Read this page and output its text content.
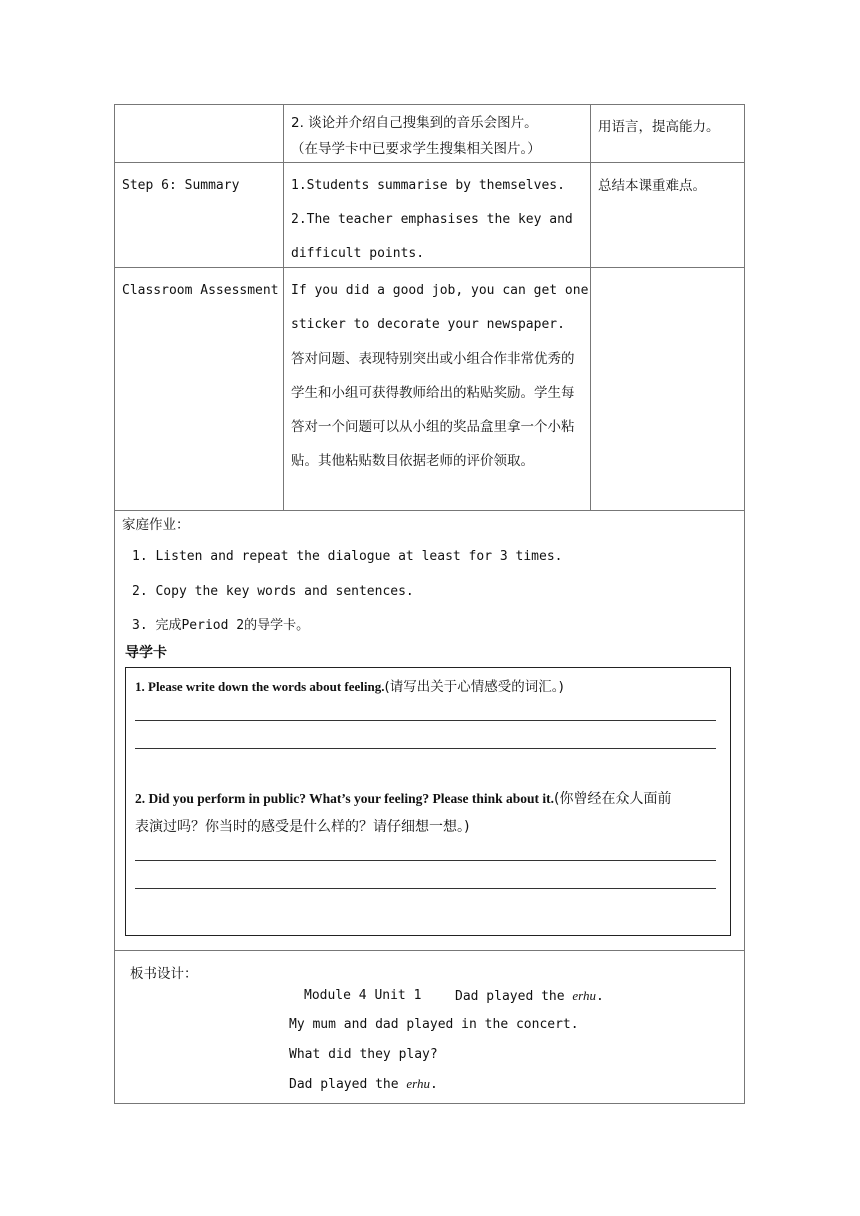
2. 谈论并介绍自己搜集到的音乐会图片。
（在导学卡中已要求学生搜集相关图片。）
用语言，提高能力。
Step 6: Summary	1.Students summarise by themselves.
2.The teacher emphasises the key and
difficult points.
总结本课重难点。
Classroom Assessment If you did a good job, you can get one
sticker to decorate your newspaper.
答对问题、表现特别突出或小组合作非常优秀的学生和小组可获得教师给出的粘贴奖励。学生每答对一个问题可以从小组的奖品盒里拿一个小粘贴。其他粘贴数目依据老师的评价领取。
家庭作业：
1. Listen and repeat the dialogue at least for 3 times.
2. Copy the key words and sentences.
3. 完成Period 2的导学卡。
导学卡
1. Please write down the words about feeling.(请写出关于心情感受的词汇。)
2. Did you perform in public? What’s your feeling? Please think about it.(你曾经在众人面前
表演过吗？你当时的感受是什么样的？请仔细想一想。)
板书设计：
Module 4 Unit 1	Dad played the erhu.
My mum and dad played in the concert.
What did they play?
Dad played the erhu.
